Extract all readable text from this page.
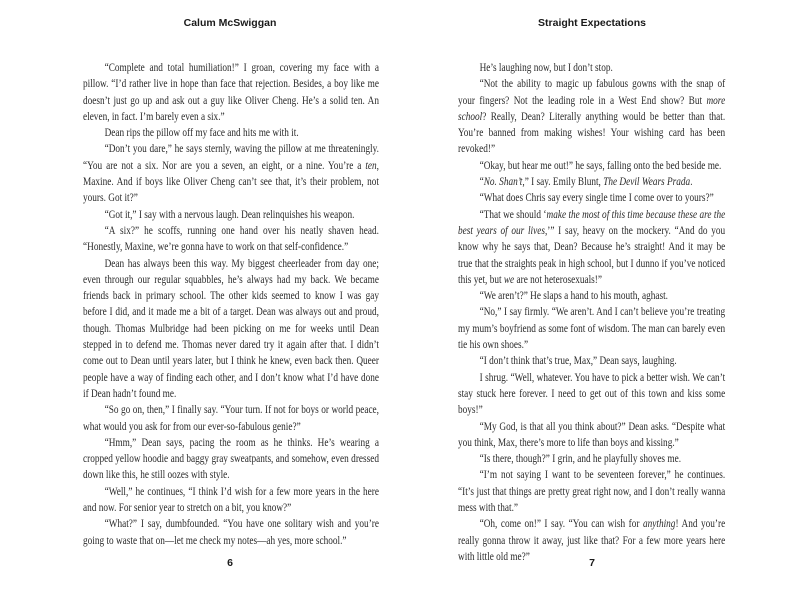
Calum McSwiggan

“Complete and total humiliation!” I groan, covering my face with a pillow. “I’d rather live in hope than face that rejection. Besides, a boy like me doesn’t just go up and ask out a guy like Oliver Cheng. He’s a solid ten. An eleven, in fact. I’m barely even a six.”

Dean rips the pillow off my face and hits me with it.

“Don’t you dare,” he says sternly, waving the pillow at me threateningly. “You are not a six. Nor are you a seven, an eight, or a nine. You’re a ten, Maxine. And if boys like Oliver Cheng can’t see that, it’s their problem, not yours. Got it?”

“Got it,” I say with a nervous laugh. Dean relinquishes his weapon.

“A six?” he scoffs, running one hand over his neatly shaven head. “Honestly, Maxine, we’re gonna have to work on that self-confidence.”

Dean has always been this way. My biggest cheerleader from day one; even through our regular squabbles, he’s always had my back. We became friends back in primary school. The other kids seemed to know I was gay before I did, and it made me a bit of a target. Dean was always out and proud, though. Thomas Mulbridge had been picking on me for weeks until Dean stepped in to defend me. Thomas never dared try it again after that. I didn’t come out to Dean until years later, but I think he knew, even back then. Queer people have a way of finding each other, and I don’t know what I’d have done if Dean hadn’t found me.

“So go on, then,” I finally say. “Your turn. If not for boys or world peace, what would you ask for from our ever-so-fabulous genie?”

“Hmm,” Dean says, pacing the room as he thinks. He’s wearing a cropped yellow hoodie and baggy gray sweatpants, and somehow, even dressed down like this, he still oozes with style.

“Well,” he continues, “I think I’d wish for a few more years in the here and now. For senior year to stretch on a bit, you know?”

“What?” I say, dumbfounded. “You have one solitary wish and you’re going to waste that on—let me check my notes—ah yes, more school.”

6
Straight Expectations

He’s laughing now, but I don’t stop.

“Not the ability to magic up fabulous gowns with the snap of your fingers? Not the leading role in a West End show? But more school? Really, Dean? Literally anything would be better than that. You’re banned from making wishes! Your wishing card has been revoked!”

“Okay, but hear me out!” he says, falling onto the bed beside me.

“No. Shan’t,” I say. Emily Blunt, The Devil Wears Prada.

“What does Chris say every single time I come over to yours?”

“That we should ‘make the most of this time because these are the best years of our lives,’” I say, heavy on the mockery. “And do you know why he says that, Dean? Because he’s straight! And it may be true that the straights peak in high school, but I dunno if you’ve noticed this yet, but we are not heterosexuals!”

“We aren’t?” He slaps a hand to his mouth, aghast.

“No,” I say firmly. “We aren’t. And I can’t believe you’re treating my mum’s boyfriend as some font of wisdom. The man can barely even tie his own shoes.”

“I don’t think that’s true, Max,” Dean says, laughing.

I shrug. “Well, whatever. You have to pick a better wish. We can’t stay stuck here forever. I need to get out of this town and kiss some boys!”

“My God, is that all you think about?” Dean asks. “Despite what you think, Max, there’s more to life than boys and kissing.”

“Is there, though?” I grin, and he playfully shoves me.

“I’m not saying I want to be seventeen forever,” he continues. “It’s just that things are pretty great right now, and I don’t really wanna mess with that.”

“Oh, come on!” I say. “You can wish for anything! And you’re really gonna throw it away, just like that? For a few more years here with little old me?”

7
